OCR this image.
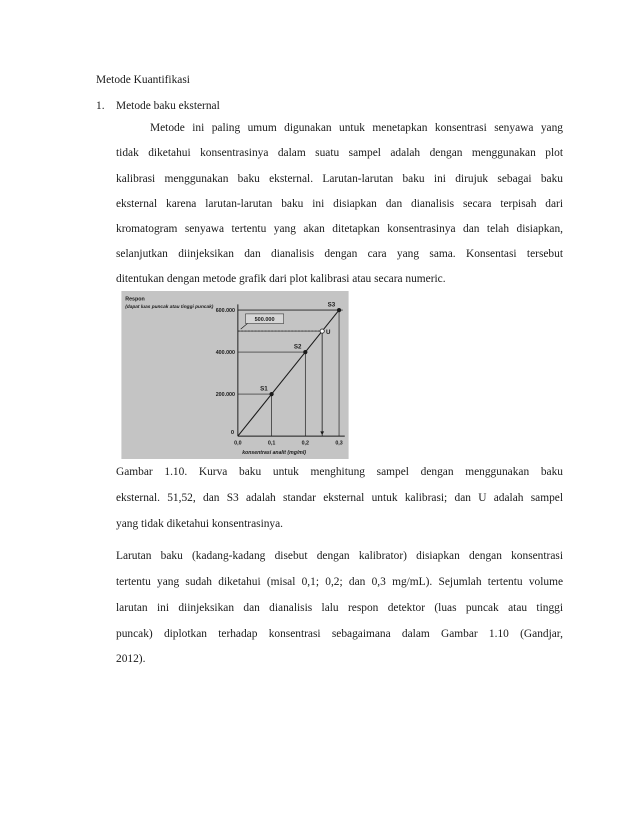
Metode Kuantifikasi
1. Metode baku eksternal
Metode ini paling umum digunakan untuk menetapkan konsentrasi senyawa yang
tidak diketahui konsentrasinya dalam suatu sampel adalah dengan menggunakan plot
kalibrasi menggunakan baku eksternal. Larutan-larutan baku ini dirujuk sebagai baku
eksternal karena larutan-larutan baku ini disiapkan dan dianalisis secara terpisah dari
kromatogram senyawa tertentu yang akan ditetapkan konsentrasinya dan telah disiapkan,
selanjutkan diinjeksikan dan dianalisis dengan cara yang sama. Konsentasi tersebut
ditentukan dengan metode grafik dari plot kalibrasi atau secara numeric.
500.000
S1
S2
U
S3
200.000
400.000
600.000
0
0,0	0,1	0,2	0,3
Respon
(dapat luas puncak atau tinggi puncak)
konsentrasi analit (mg/ml)
Gambar 1.10. Kurva baku untuk menghitung sampel dengan menggunakan baku
eksternal. 51,52, dan S3 adalah standar eksternal untuk kalibrasi; dan U adalah sampel
yang tidak diketahui konsentrasinya.
Larutan baku (kadang-kadang disebut dengan kalibrator) disiapkan dengan konsentrasi
tertentu yang sudah diketahui (misal 0,1; 0,2; dan 0,3 mg/mL). Sejumlah tertentu volume
larutan ini diinjeksikan dan dianalisis lalu respon detektor (luas puncak atau tinggi
puncak) diplotkan terhadap konsentrasi sebagaimana dalam Gambar 1.10 (Gandjar,
2012).
